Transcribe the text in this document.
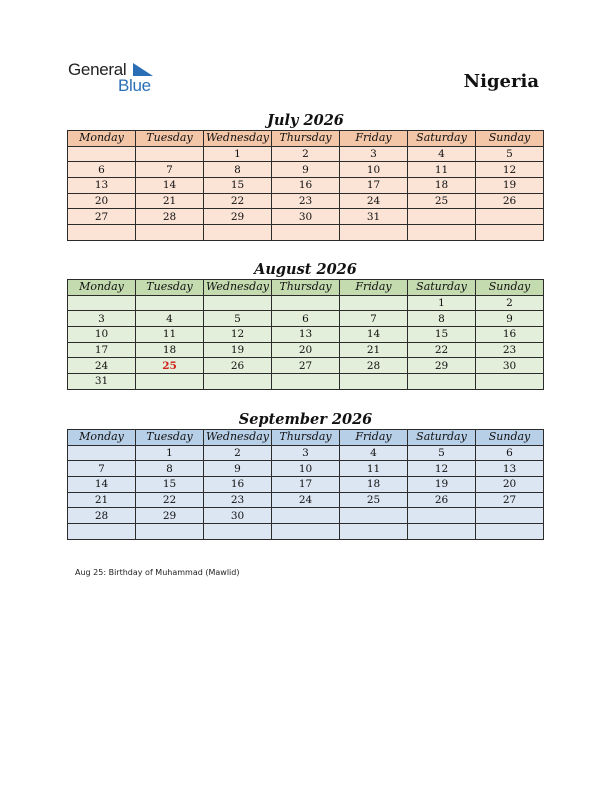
General
Blue	Nigeria
July 2026
Monday	Tuesday	Wednesday	Thursday	Friday	Saturday	Sunday
		1	2	3	4	5
6	7	8	9	10	11	12
13	14	15	16	17	18	19
20	21	22	23	24	25	26
27	28	29	30	31		

August 2026
Monday	Tuesday	Wednesday	Thursday	Friday	Saturday	Sunday
					1	2
3	4	5	6	7	8	9
10	11	12	13	14	15	16
17	18	19	20	21	22	23
24	25	26	27	28	29	30
31						
September 2026
Monday	Tuesday	Wednesday	Thursday	Friday	Saturday	Sunday
	1	2	3	4	5	6
7	8	9	10	11	12	13
14	15	16	17	18	19	20
21	22	23	24	25	26	27
28	29	30				

Aug 25: Birthday of Muhammad (Mawlid)
